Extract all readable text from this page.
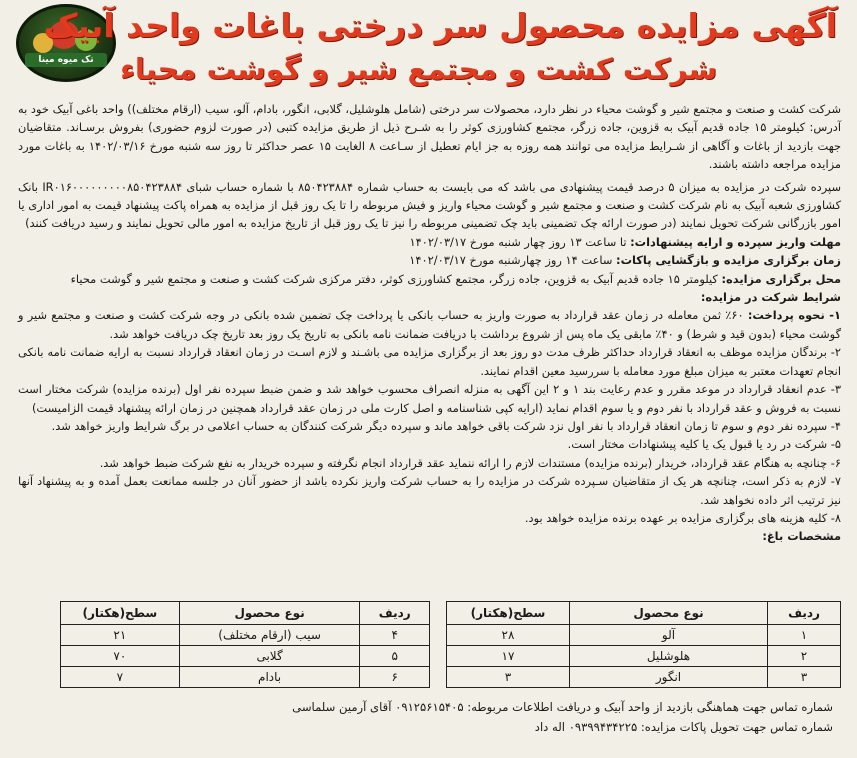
تک میوه مینا
آگهی مزایده محصول سر درختی باغات واحد آبیک
شرکت کشت و مجتمع شیر و گوشت محیاء

شرکت کشت و صنعت و مجتمع شیر و گوشت محیاء در نظر دارد، محصولات سر درختی (شامل هلوشلیل، گلابی، انگور، بادام، آلو، سیب (ارقام مختلف)) واحد باغی آبیک خود به آدرس: کیلومتر ۱۵ جاده قدیم آبیک به قزوین، جاده زرگر، مجتمع کشاورزی کوثر را به شـرح ذیل از طریق مزایده کتبی (در صورت لزوم حضوری) بفروش برسـاند. متقاضیان جهت بازدید از باغات و آگاهی از شـرایط مزایده می توانند همه روزه به جز ایام تعطیل از سـاعت ۸ الغایت ۱۵ عصر حداکثر تا روز سه شنبه مورخ ۱۴۰۲/۰۳/۱۶ به باغات مورد مزایده مراجعه داشته باشند.

سپرده شرکت در مزایده به میزان ۵ درصد قیمت پیشنهادی می باشد که می بایست به حساب شماره ۸۵۰۴۲۳۸۸۴ با شماره حساب شبای IR۰۱۶۰۰۰۰۰۰۰۰۰۸۵۰۴۲۳۸۸۴ بانک کشاورزی شعبه آبیک به نام شرکت کشت و صنعت و مجتمع شیر و گوشت محیاء واریز و فیش مربوطه را تا یک روز قبل از مزایده به همراه پاکت پیشنهاد قیمت به امور اداری یا امور بازرگانی شرکت تحویل نمایند (در صورت ارائه چک تضمینی باید چک تضمینی مربوطه را نیز تا یک روز قبل از تاریخ مزایده به امور مالی تحویل نمایند و رسید دریافت کنند)

مهلت واریز سپرده و ارایه پیشنهادات: تا ساعت ۱۳ روز چهار شنبه مورخ ۱۴۰۲/۰۳/۱۷

زمان برگزاری مزایده و بازگشایی پاکات: ساعت ۱۴ روز چهارشنبه مورخ ۱۴۰۲/۰۳/۱۷

محل برگزاری مزایده: کیلومتر ۱۵ جاده قدیم آبیک به قزوین، جاده زرگر، مجتمع کشاورزی کوثر، دفتر مرکزی شرکت کشت و صنعت و مجتمع شیر و گوشت محیاء

شرایط شرکت در مزایده:

۱- نحوه پرداخت: ۶۰٪ ثمن معامله در زمان عقد قرارداد به صورت واریز به حساب بانکی یا پرداخت چک تضمین شده بانکی در وجه شرکت کشت و صنعت و مجتمع شیر و گوشت محیاء (بدون قید و شرط) و ۴۰٪ مابقی یک ماه پس از شروع برداشت با دریافت ضمانت نامه بانکی به تاریخ یک روز بعد تاریخ چک دریافت خواهد شد.

۲- برندگان مزایده موظف به انعقاد قرارداد حداکثر ظرف مدت دو روز بعد از برگزاری مزایده می باشـند و لازم اسـت در زمان انعقاد قرارداد نسبت به ارایه ضمانت نامه بانکی انجام تعهدات معتبر به میزان مبلغ مورد معامله با سررسید معین اقدام نمایند.

۳- عدم انعقاد قرارداد در موعد مقرر و عدم رعایت بند ۱ و ۲ این آگهی به منزله انصراف محسوب خواهد شد و ضمن ضبط سپرده نفر اول (برنده مزایده) شرکت مختار است نسبت به فروش و عقد قرارداد با نفر دوم و یا سوم اقدام نماید (ارایه کپی شناسنامه و اصل کارت ملی در زمان عقد قرارداد همچنین در زمان ارائه پیشنهاد قیمت الزامیست)

۴- سپرده نفر دوم و سوم تا زمان انعقاد قرارداد با نفر اول نزد شرکت باقی خواهد ماند و سپرده دیگر شرکت کنندگان به حساب اعلامی در برگ شرایط واریز خواهد شد.

۵- شرکت در رد یا قبول یک یا کلیه پیشنهادات مختار است.

۶- چنانچه به هنگام عقد قرارداد، خریدار (برنده مزایده) مستندات لازم را ارائه ننماید عقد قرارداد انجام نگرفته و سپرده خریدار به نفع شرکت ضبط خواهد شد.

۷- لازم به ذکر است، چنانچه هر یک از متقاضیان سـپرده شرکت در مزایده را به حساب شرکت واریز نکرده باشد از حضور آنان در جلسه ممانعت بعمل آمده و به پیشنهاد آنها نیز ترتیب اثر داده نخواهد شد.

۸- کلیه هزینه های برگزاری مزایده بر عهده برنده مزایده خواهد بود.

مشخصات باغ:

ردیف	نوع محصول	سطح(هکتار)
۱	آلو	۲۸
۲	هلوشلیل	۱۷
۳	انگور	۳
ردیف	نوع محصول	سطح(هکتار)
۴	سیب (ارقام مختلف)	۲۱
۵	گلابی	۷۰
۶	بادام	۷

شماره تماس جهت هماهنگی بازدید از واحد آبیک و دریافت اطلاعات مربوطه: ۰۹۱۲۵۶۱۵۴۰۵ آقای آرمین سلماسی

شماره تماس جهت تحویل پاکات مزایده: ۰۹۳۹۹۴۳۴۲۲۵ اله داد
